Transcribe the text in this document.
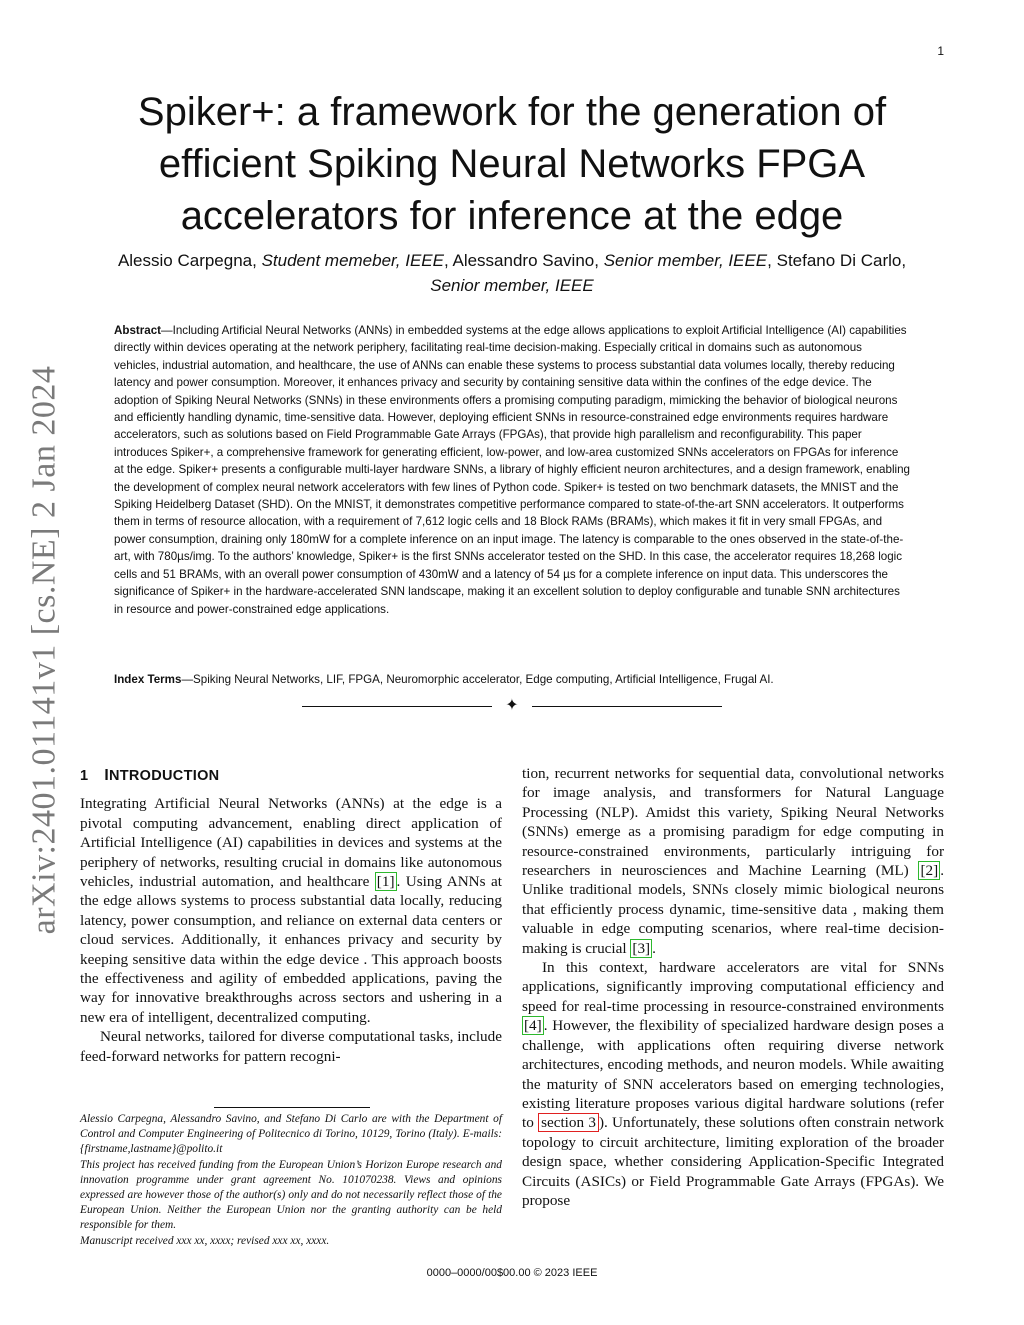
1
arXiv:2401.01141v1 [cs.NE] 2 Jan 2024
Spiker+: a framework for the generation of
efficient Spiking Neural Networks FPGA
accelerators for inference at the edge
Alessio Carpegna, Student memeber, IEEE, Alessandro Savino, Senior member, IEEE, Stefano Di Carlo,
Senior member, IEEE

Abstract—Including Artificial Neural Networks (ANNs) in embedded systems at the edge allows applications to exploit Artificial Intelligence (AI) capabilities directly within devices operating at the network periphery, facilitating real-time decision-making. Especially critical in domains such as autonomous vehicles, industrial automation, and healthcare, the use of ANNs can enable these systems to process substantial data volumes locally, thereby reducing latency and power consumption. Moreover, it enhances privacy and security by containing sensitive data within the confines of the edge device. The adoption of Spiking Neural Networks (SNNs) in these environments offers a promising computing paradigm, mimicking the behavior of biological neurons and efficiently handling dynamic, time-sensitive data. However, deploying efficient SNNs in resource-constrained edge environments requires hardware accelerators, such as solutions based on Field Programmable Gate Arrays (FPGAs), that provide high parallelism and reconfigurability. This paper introduces Spiker+, a comprehensive framework for generating efficient, low-power, and low-area customized SNNs accelerators on FPGAs for inference at the edge. Spiker+ presents a configurable multi-layer hardware SNNs, a library of highly efficient neuron architectures, and a design framework, enabling the development of complex neural network accelerators with few lines of Python code. Spiker+ is tested on two benchmark datasets, the MNIST and the Spiking Heidelberg Dataset (SHD). On the MNIST, it demonstrates competitive performance compared to state-of-the-art SNN accelerators. It outperforms them in terms of resource allocation, with a requirement of 7,612 logic cells and 18 Block RAMs (BRAMs), which makes it fit in very small FPGAs, and power consumption, draining only 180mW for a complete inference on an input image. The latency is comparable to the ones observed in the state-of-the-art, with 780µs/img. To the authors’ knowledge, Spiker+ is the first SNNs accelerator tested on the SHD. In this case, the accelerator requires 18,268 logic cells and 51 BRAMs, with an overall power consumption of 430mW and a latency of 54 µs for a complete inference on input data. This underscores the significance of Spiker+ in the hardware-accelerated SNN landscape, making it an excellent solution to deploy configurable and tunable SNN architectures in resource and power-constrained edge applications.

Index Terms—Spiking Neural Networks, LIF, FPGA, Neuromorphic accelerator, Edge computing, Artificial Intelligence, Frugal AI.

✦
1 INTRODUCTION

Integrating Artificial Neural Networks (ANNs) at the edge is a pivotal computing advancement, enabling direct application of Artificial Intelligence (AI) capabilities in devices and systems at the periphery of networks, resulting crucial in domains like autonomous vehicles, industrial automation, and healthcare [1] . Using ANNs at the edge allows systems to process substantial data locally, reducing latency, power consumption, and reliance on external data centers or cloud services. Additionally, it enhances privacy and security by keeping sensitive data within the edge device . This approach boosts the effectiveness and agility of embedded applications, paving the way for innovative breakthroughs across sectors and ushering in a new era of intelligent, decentralized computing.

Neural networks, tailored for diverse computational tasks, include feed-forward networks for pattern recogni-

Alessio Carpegna, Alessandro Savino, and Stefano Di Carlo are with the Department of Control and Computer Engineering of Politecnico di Torino, 10129, Torino (Italy). E-mails: {firstname,lastname}@polito.it

This project has received funding from the European Union’s Horizon Europe research and innovation programme under grant agreement No. 101070238. Views and opinions expressed are however those of the author(s) only and do not necessarily reflect those of the European Union. Neither the European Union nor the granting authority can be held responsible for them.

Manuscript received xxx xx, xxxx; revised xxx xx, xxxx.

tion, recurrent networks for sequential data, convolutional networks for image analysis, and transformers for Natural Language Processing (NLP). Amidst this variety, Spiking Neural Networks (SNNs) emerge as a promising paradigm for edge computing in resource-constrained environments, particularly intriguing for researchers in neurosciences and Machine Learning (ML) [2] . Unlike traditional models, SNNs closely mimic biological neurons that efficiently process dynamic, time-sensitive data , making them valuable in edge computing scenarios, where real-time decision-making is crucial [3] .

In this context, hardware accelerators are vital for SNNs applications, significantly improving computational efficiency and speed for real-time processing in resource-constrained environments [4] . However, the flexibility of specialized hardware design poses a challenge, with applications often requiring diverse network architectures, encoding methods, and neuron models. While awaiting the maturity of SNN accelerators based on emerging technologies, existing literature proposes various digital hardware solutions (refer to section 3 ). Unfortunately, these solutions often constrain network topology to circuit architecture, limiting exploration of the broader design space, whether considering Application-Specific Integrated Circuits (ASICs) or Field Programmable Gate Arrays (FPGAs). We propose

0000–0000/00$00.00 © 2023 IEEE
